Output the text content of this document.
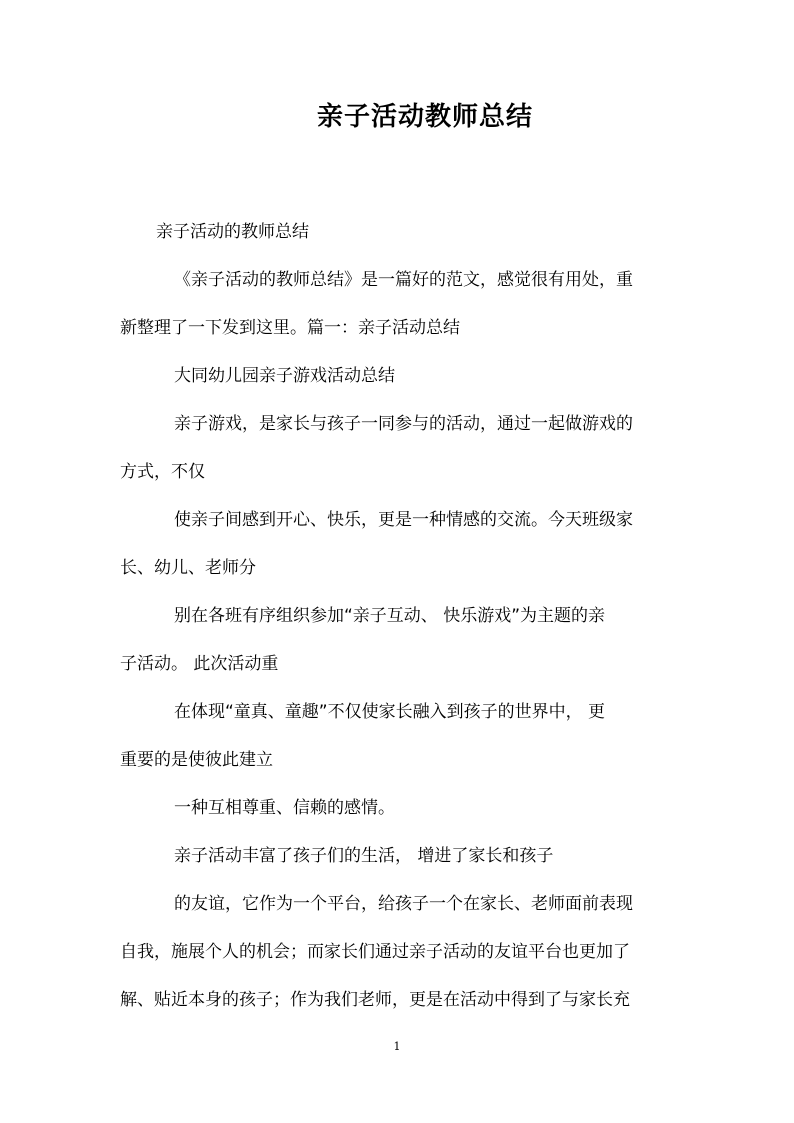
亲子活动教师总结
亲子活动的教师总结
《亲子活动的教师总结》是一篇好的范文，感觉很有用处，重
新整理了一下发到这里。篇一：亲子活动总结
大同幼儿园亲子游戏活动总结
亲子游戏，是家长与孩子一同参与的活动，通过一起做游戏的
方式，不仅
使亲子间感到开心、快乐，更是一种情感的交流。今天班级家
长、幼儿、老师分
别在各班有序组织参加“亲子互动、 快乐游戏”为主题的亲
子活动。 此次活动重
在体现“童真、童趣”不仅使家长融入到孩子的世界中， 更
重要的是使彼此建立
一种互相尊重、信赖的感情。
亲子活动丰富了孩子们的生活， 增进了家长和孩子
的友谊，它作为一个平台，给孩子一个在家长、老师面前表现
自我，施展个人的机会；而家长们通过亲子活动的友谊平台也更加了
解、贴近本身的孩子；作为我们老师，更是在活动中得到了与家长充
1
